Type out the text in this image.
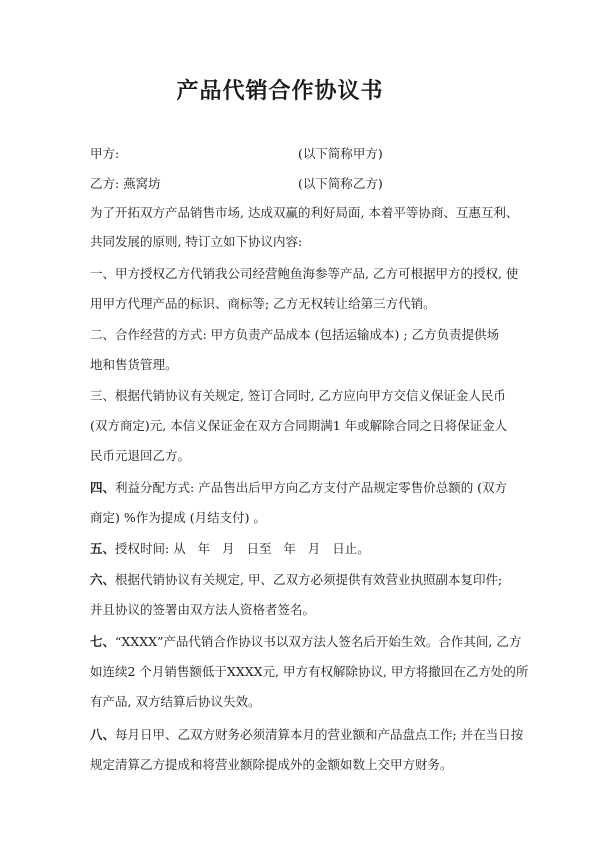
产品代销合作协议书
甲方:	(以下简称甲方)
乙方: 燕窝坊	(以下简称乙方)
为了开拓双方产品销售市场, 达成双赢的利好局面, 本着平等协商、互惠互利、
共同发展的原则, 特订立如下协议内容:
一、甲方授权乙方代销我公司经营鲍鱼海参等产品, 乙方可根据甲方的授权, 使
用甲方代理产品的标识、商标等; 乙方无权转让给第三方代销。
二、合作经营的方式: 甲方负责产品成本 (包括运输成本) ; 乙方负责提供场
地和售货管理。
三、根据代销协议有关规定, 签订合同时, 乙方应向甲方交信义保证金人民币
(双方商定)元, 本信义保证金在双方合同期满1 年或解除合同之日将保证金人
民币元退回乙方。
四、利益分配方式: 产品售出后甲方向乙方支付产品规定零售价总额的 (双方
商定) %作为提成 (月结支付) 。
五、授权时间: 从   年   月   日至   年   月   日止。
六、根据代销协议有关规定, 甲、乙双方必须提供有效营业执照副本复印件;
并且协议的签署由双方法人资格者签名。
七、“XXXX”产品代销合作协议书以双方法人签名后开始生效。合作其间, 乙方
如连续2 个月销售额低于XXXX元, 甲方有权解除协议, 甲方将撤回在乙方处的所
有产品, 双方结算后协议失效。
八、每月日甲、乙双方财务必须清算本月的营业额和产品盘点工作; 并在当日按
规定清算乙方提成和将营业额除提成外的金额如数上交甲方财务。
